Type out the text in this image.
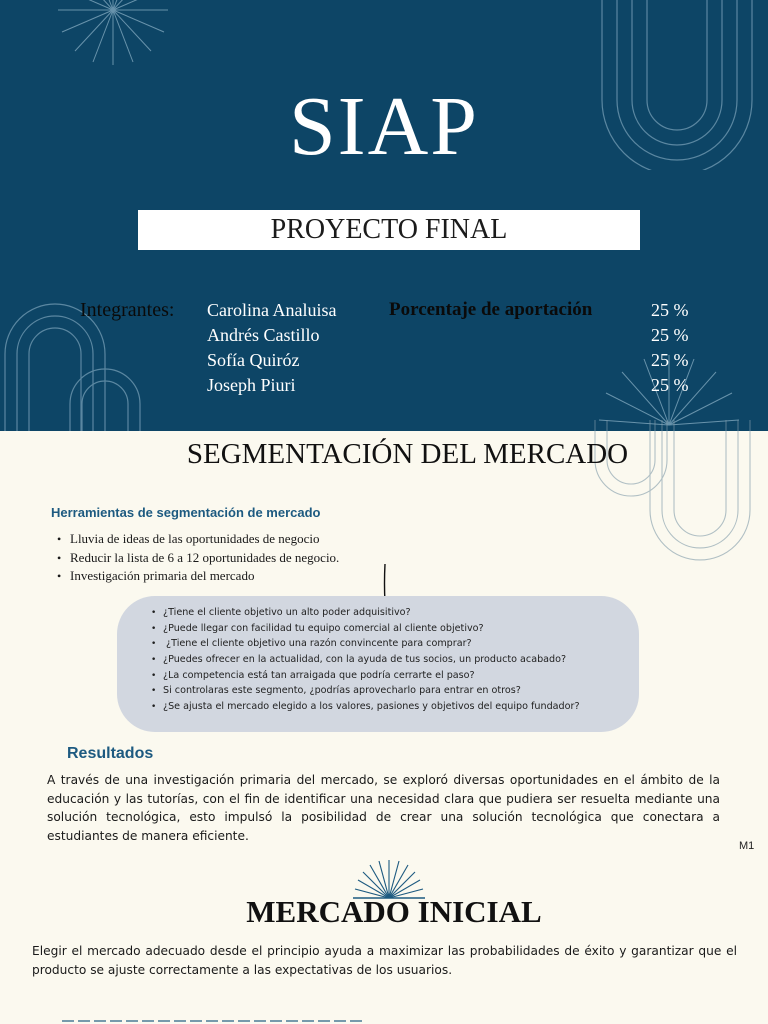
SIAP
PROYECTO FINAL
Integrantes:	Porcentaje de aportación
Carolina Analuisa
Andrés Castillo
Sofía Quiróz
Joseph Piuri
25 %
25 %
25 %
25 %
SEGMENTACIÓN DEL MERCADO
Herramientas de segmentación de mercado
• Lluvia de ideas de las oportunidades de negocio
• Reducir la lista de 6 a 12 oportunidades de negocio.
• Investigación primaria del mercado
• ¿Tiene el cliente objetivo un alto poder adquisitivo?
• ¿Puede llegar con facilidad tu equipo comercial al cliente objetivo?
• ¿Tiene el cliente objetivo una razón convincente para comprar?
• ¿Puedes ofrecer en la actualidad, con la ayuda de tus socios, un producto acabado?
• ¿La competencia está tan arraigada que podría cerrarte el paso?
• Si controlaras este segmento, ¿podrías aprovecharlo para entrar en otros?
• ¿Se ajusta el mercado elegido a los valores, pasiones y objetivos del equipo fundador?
Resultados

A través de una investigación primaria del mercado, se exploró diversas oportunidades en el ámbito de la educación y las tutorías, con el fin de identificar una necesidad clara que pudiera ser resuelta mediante una solución tecnológica, esto impulsó la posibilidad de crear una solución tecnológica que conectara a estudiantes de manera eficiente.

M1
MERCADO INICIAL

Elegir el mercado adecuado desde el principio ayuda a maximizar las probabilidades de éxito y garantizar que el producto se ajuste correctamente a las expectativas de los usuarios.
